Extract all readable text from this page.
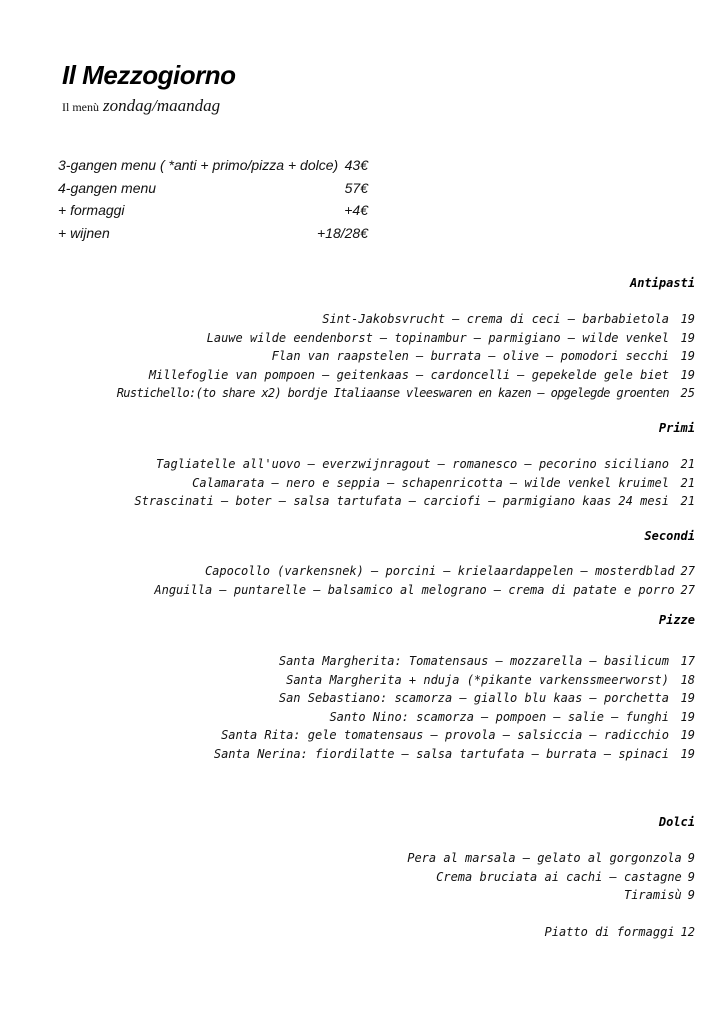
Il Mezzogiorno
Il menù zondag/maandag
3-gangen menu ( *anti + primo/pizza + dolce) 43€
4-gangen menu	57€
+ formaggi	+4€
+ wijnen	+18/28€
Antipasti
Sint-Jakobsvrucht – crema di ceci – barbabietola 19
Lauwe wilde eendenborst – topinambur – parmigiano – wilde venkel 19
Flan van raapstelen – burrata – olive – pomodori secchi 19
Millefoglie van pompoen – geitenkaas – cardoncelli – gepekelde gele biet 19
Rustichello:(to share x2) bordje Italiaanse vleeswaren en kazen – opgelegde groenten 25
Primi
Tagliatelle all'uovo – everzwijnragout – romanesco – pecorino siciliano 21
Calamarata – nero e seppia – schapenricotta – wilde venkel kruimel 21
Strascinati – boter – salsa tartufata – carciofi – parmigiano kaas 24 mesi 21
Secondi
Capocollo (varkensnek) – porcini – krielaardappelen – mosterdblad 27
Anguilla – puntarelle – balsamico al melograno – crema di patate e porro 27
Pizze
Santa Margherita: Tomatensaus – mozzarella – basilicum 17
Santa Margherita + nduja (*pikante varkenssmeerworst) 18
San Sebastiano: scamorza – giallo blu kaas – porchetta 19
Santo Nino: scamorza – pompoen – salie – funghi 19
Santa Rita: gele tomatensaus – provola – salsiccia – radicchio 19
Santa Nerina: fiordilatte – salsa tartufata – burrata – spinaci 19
Dolci
Pera al marsala – gelato al gorgonzola 9
Crema bruciata ai cachi – castagne 9
Tiramisù 9
Piatto di formaggi 12
